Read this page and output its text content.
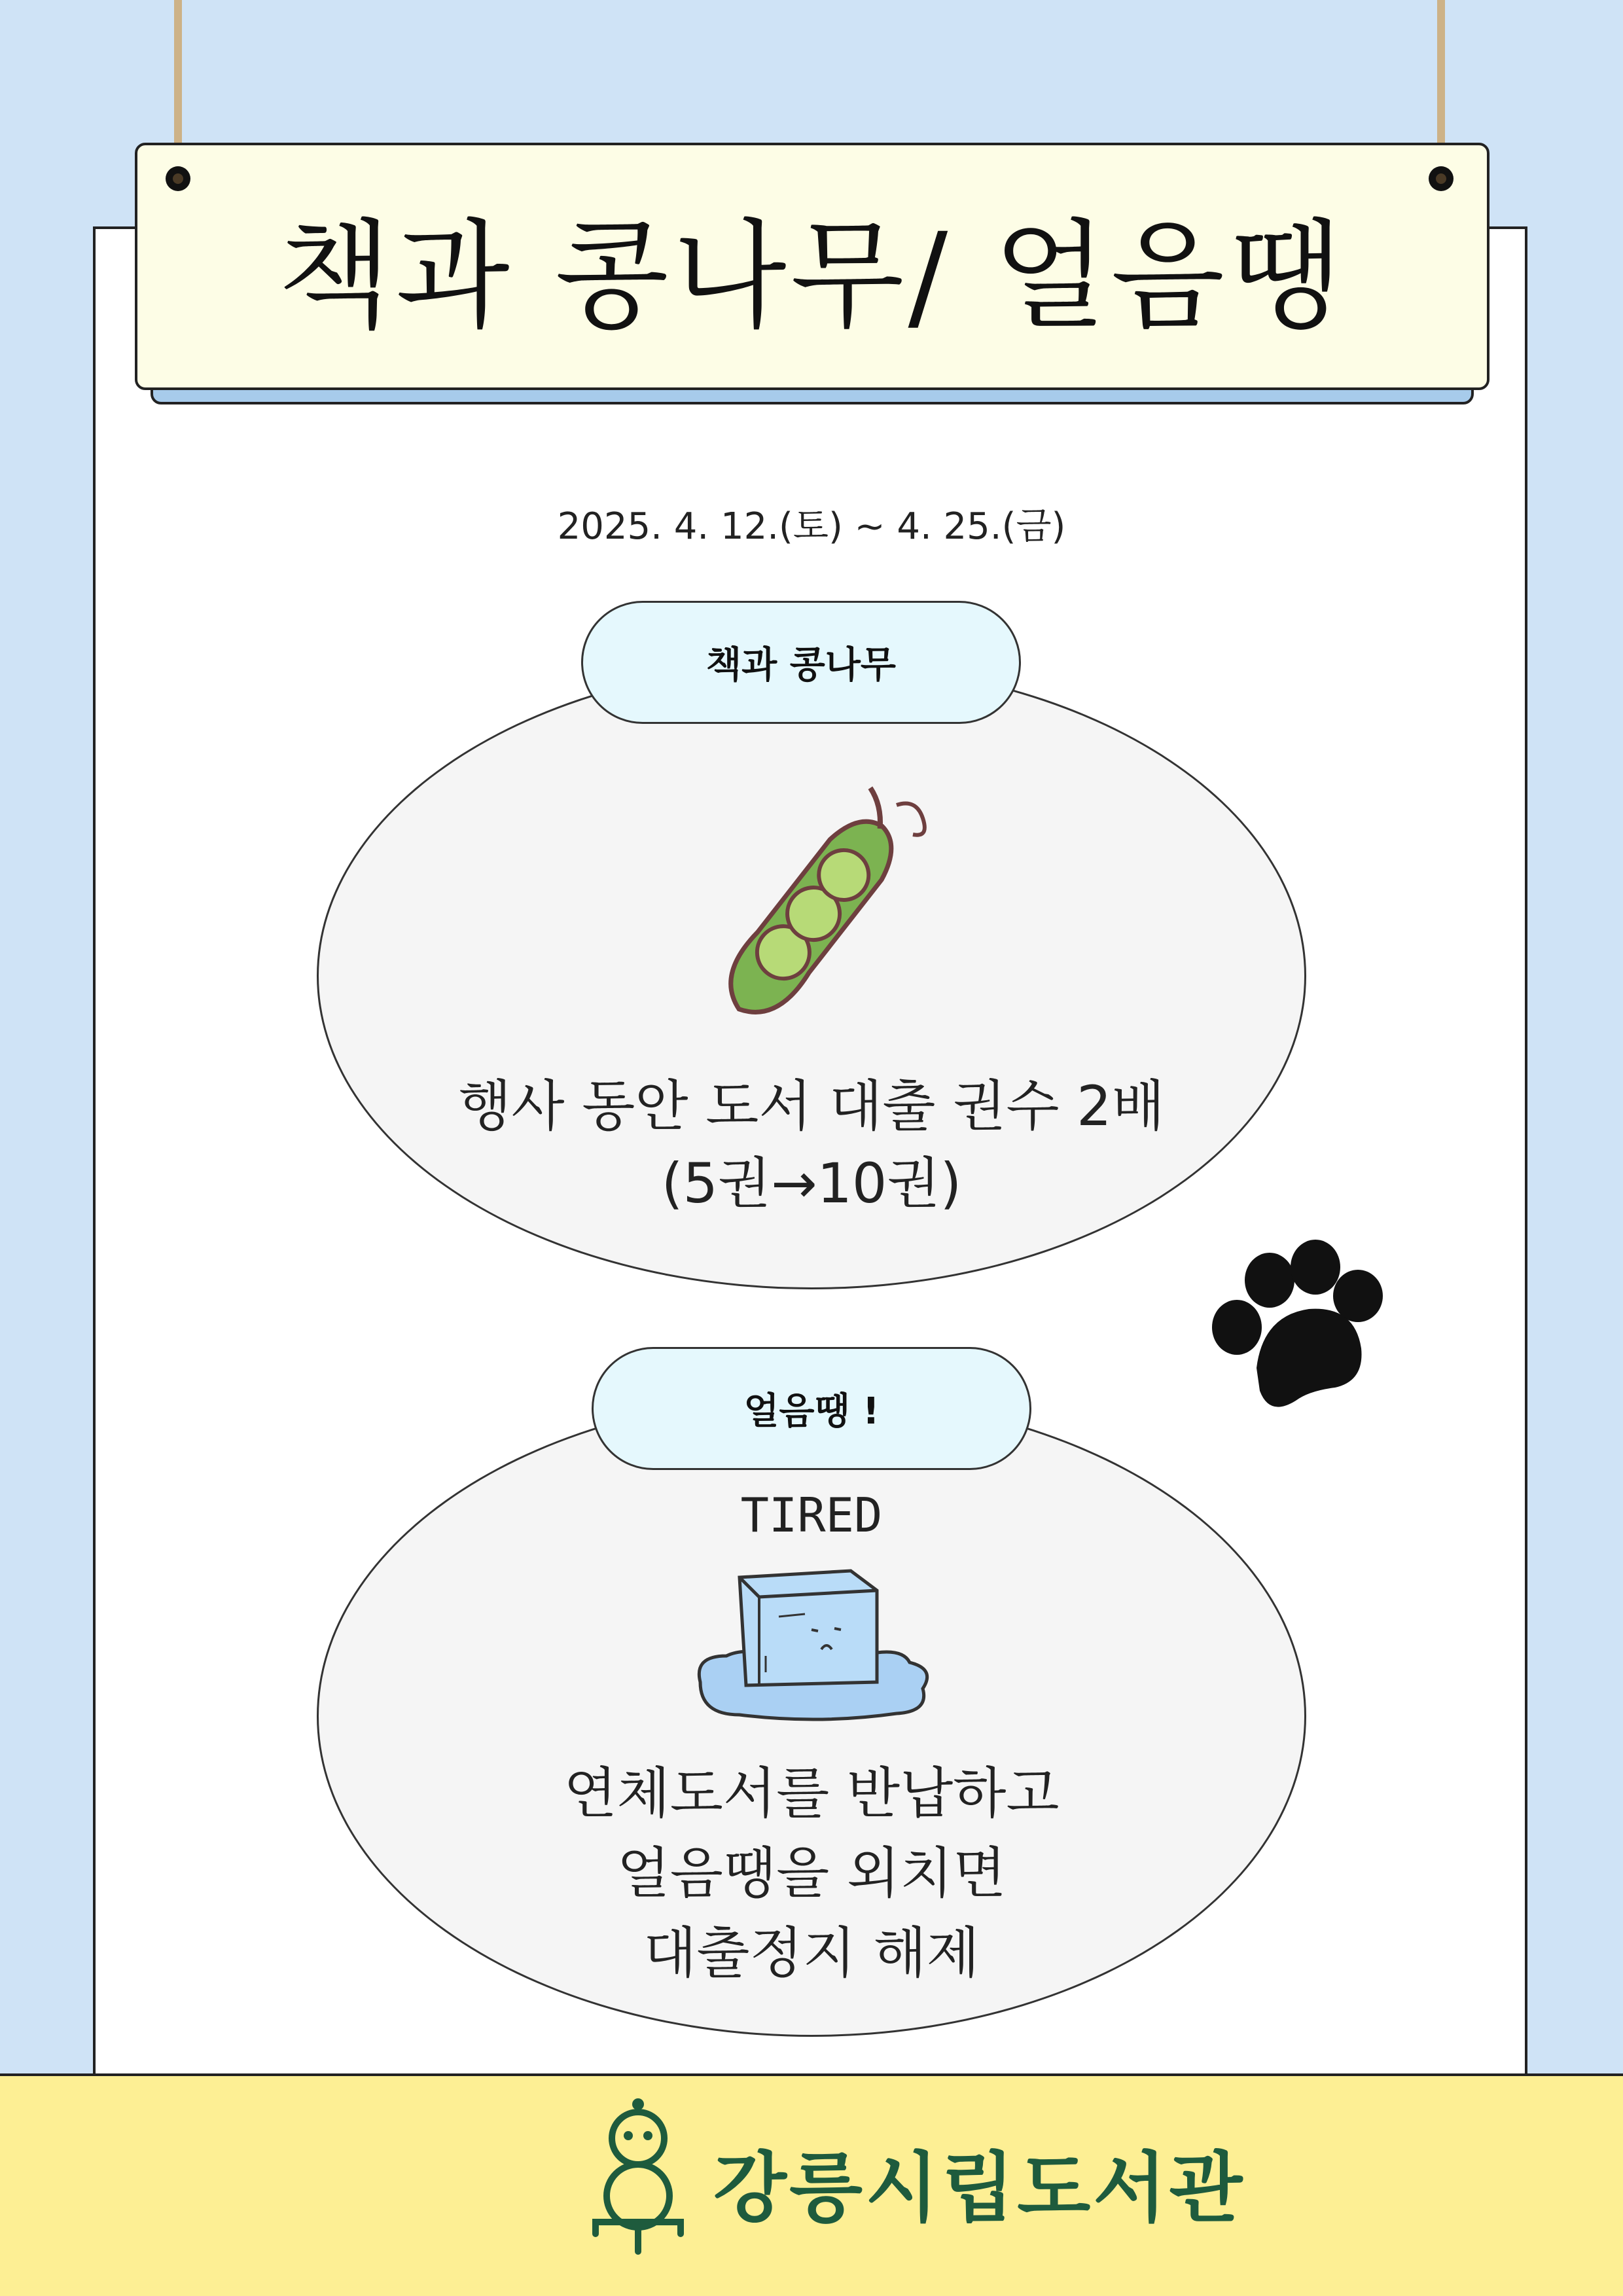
책과 콩나무/ 얼음땡
2025. 4. 12.(토) ~ 4. 25.(금)
책과 콩나무
행사 동안 도서 대출 권수 2배
(5권→10권)
얼음땡 !
TIRED
연체도서를 반납하고
얼음땡을 외치면
대출정지 해제
강릉시립도서관
